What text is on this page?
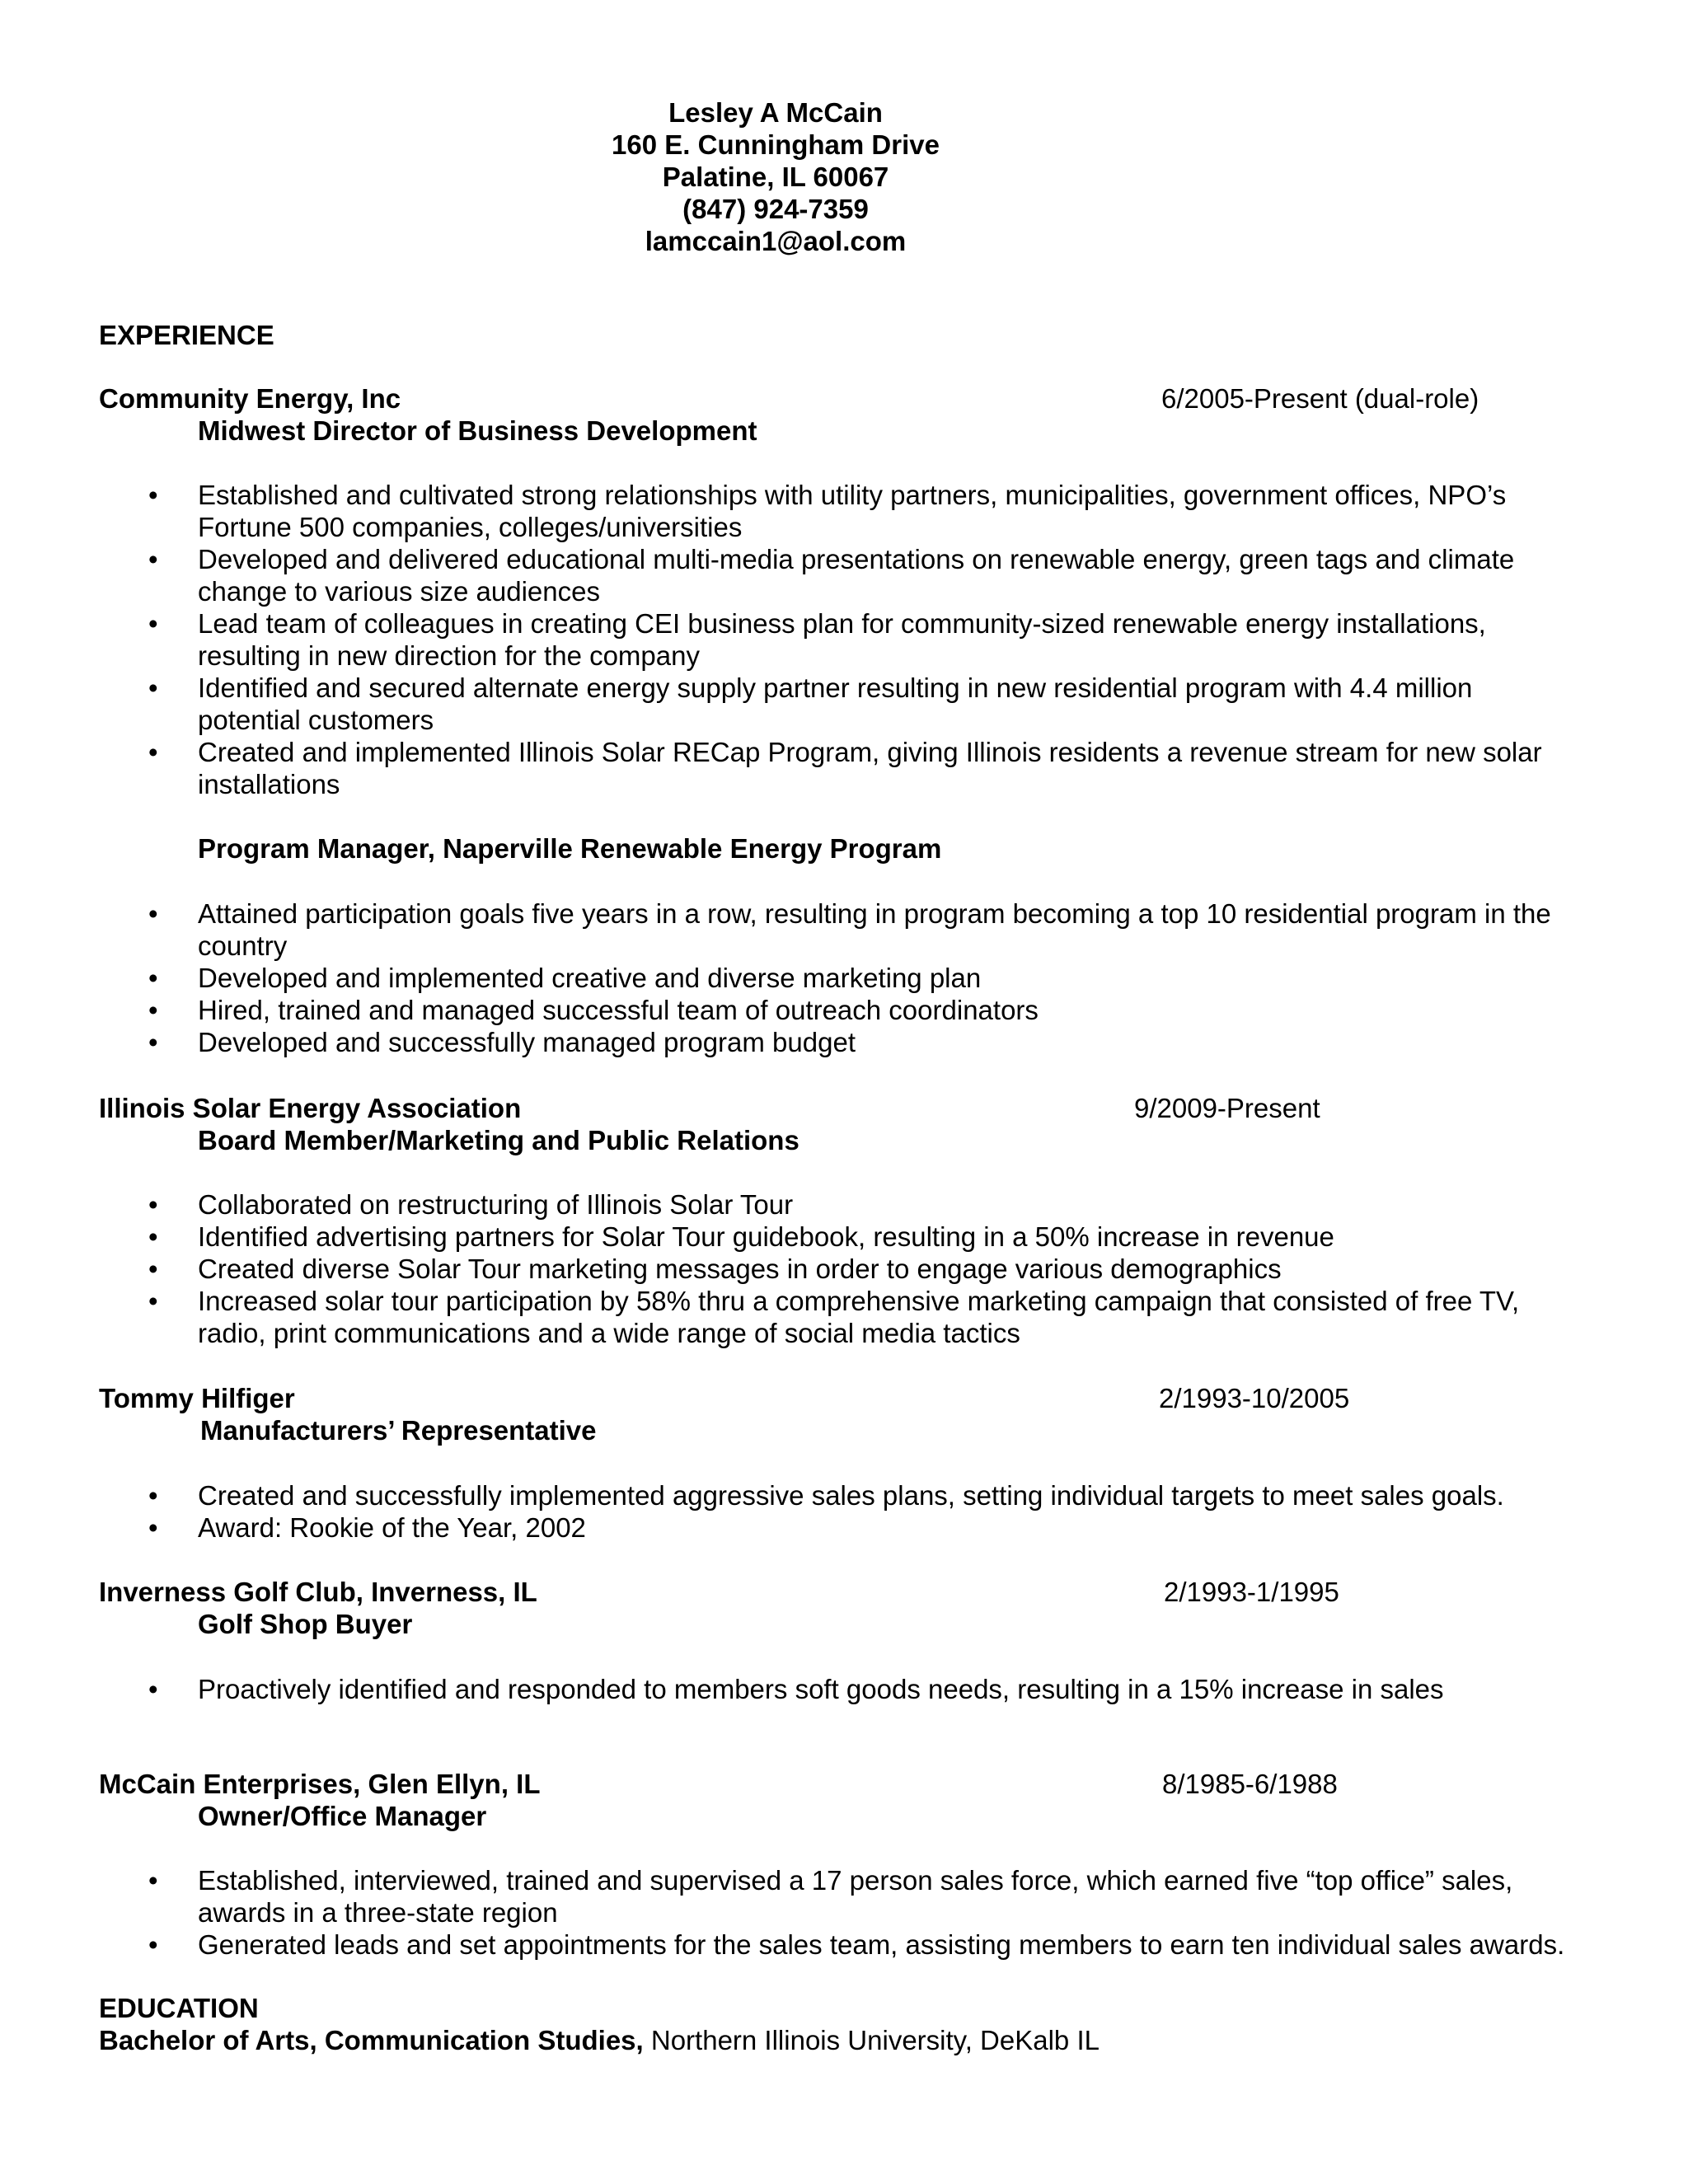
Lesley A McCain
160 E. Cunningham Drive
Palatine, IL 60067
(847) 924-7359
lamccain1@aol.com
EXPERIENCE
Community Energy, Inc	6/2005-Present (dual-role)
Midwest Director of Business Development
• Established and cultivated strong relationships with utility partners, municipalities, government offices, NPO’s Fortune 500 companies, colleges/universities
• Developed and delivered educational multi-media presentations on renewable energy, green tags and climate change to various size audiences
• Lead team of colleagues in creating CEI business plan for community-sized renewable energy installations, resulting in new direction for the company
• Identified and secured alternate energy supply partner resulting in new residential program with 4.4 million potential customers
• Created and implemented Illinois Solar RECap Program, giving Illinois residents a revenue stream for new solar installations
Program Manager, Naperville Renewable Energy Program
• Attained participation goals five years in a row, resulting in program becoming a top 10 residential program in the country
• Developed and implemented creative and diverse marketing plan
• Hired, trained and managed successful team of outreach coordinators
• Developed and successfully managed program budget
Illinois Solar Energy Association	9/2009-Present
Board Member/Marketing and Public Relations
• Collaborated on restructuring of Illinois Solar Tour
• Identified advertising partners for Solar Tour guidebook, resulting in a 50% increase in revenue
• Created diverse Solar Tour marketing messages in order to engage various demographics
• Increased solar tour participation by 58% thru a comprehensive marketing campaign that consisted of free TV, radio, print communications and a wide range of social media tactics
Tommy Hilfiger	2/1993-10/2005
Manufacturers’ Representative
• Created and successfully implemented aggressive sales plans, setting individual targets to meet sales goals.
• Award: Rookie of the Year, 2002
Inverness Golf Club, Inverness, IL	2/1993-1/1995
Golf Shop Buyer
• Proactively identified and responded to members soft goods needs, resulting in a 15% increase in sales
McCain Enterprises, Glen Ellyn, IL	8/1985-6/1988
Owner/Office Manager
• Established, interviewed, trained and supervised a 17 person sales force, which earned five “top office” sales, awards in a three-state region
• Generated leads and set appointments for the sales team, assisting members to earn ten individual sales awards.
EDUCATION
Bachelor of Arts, Communication Studies, Northern Illinois University, DeKalb IL
